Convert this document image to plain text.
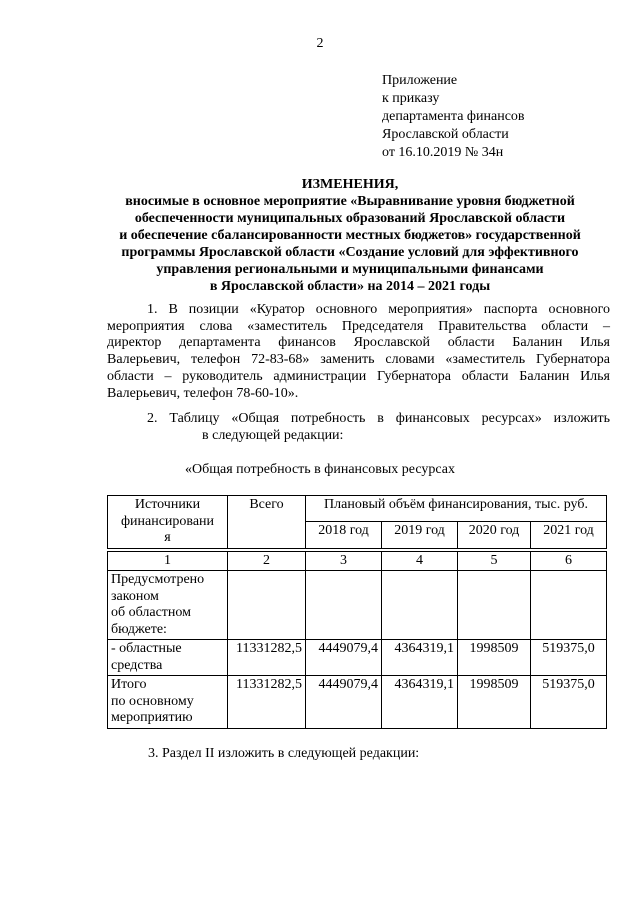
2
Приложение
к приказу
департамента финансов
Ярославской области
от 16.10.2019 № 34н
ИЗМЕНЕНИЯ,
вносимые в основное мероприятие «Выравнивание уровня бюджетной
обеспеченности муниципальных образований Ярославской области
и обеспечение сбалансированности местных бюджетов» государственной
программы Ярославской области «Создание условий для эффективного
управления региональными и муниципальными финансами
в Ярославской области» на 2014 – 2021 годы
1. В позиции «Куратор основного мероприятия» паспорта основного
мероприятия слова «заместитель Председателя Правительства области –
директор департамента финансов Ярославской области Баланин Илья
Валерьевич, телефон 72-83-68» заменить словами «заместитель Губернатора
области – руководитель администрации Губернатора области Баланин Илья
Валерьевич, телефон 78-60-10».
2. Таблицу «Общая потребность в финансовых ресурсах» изложить
в следующей редакции:
«Общая потребность в финансовых ресурсах
Источники
финансировани
я	Всего	Плановый объём финансирования, тыс. руб.			
		2018 год	2019 год	2020 год	2021 год

1	2	3	4	5	6

Предусмотрено
законом
об областном
бюджете:					

- областные
средства	11331282,5	4449079,4	4364319,1	1998509	519375,0

Итого
по основному
мероприятию	11331282,5	4449079,4	4364319,1	1998509	519375,0
3. Раздел II изложить в следующей редакции:
